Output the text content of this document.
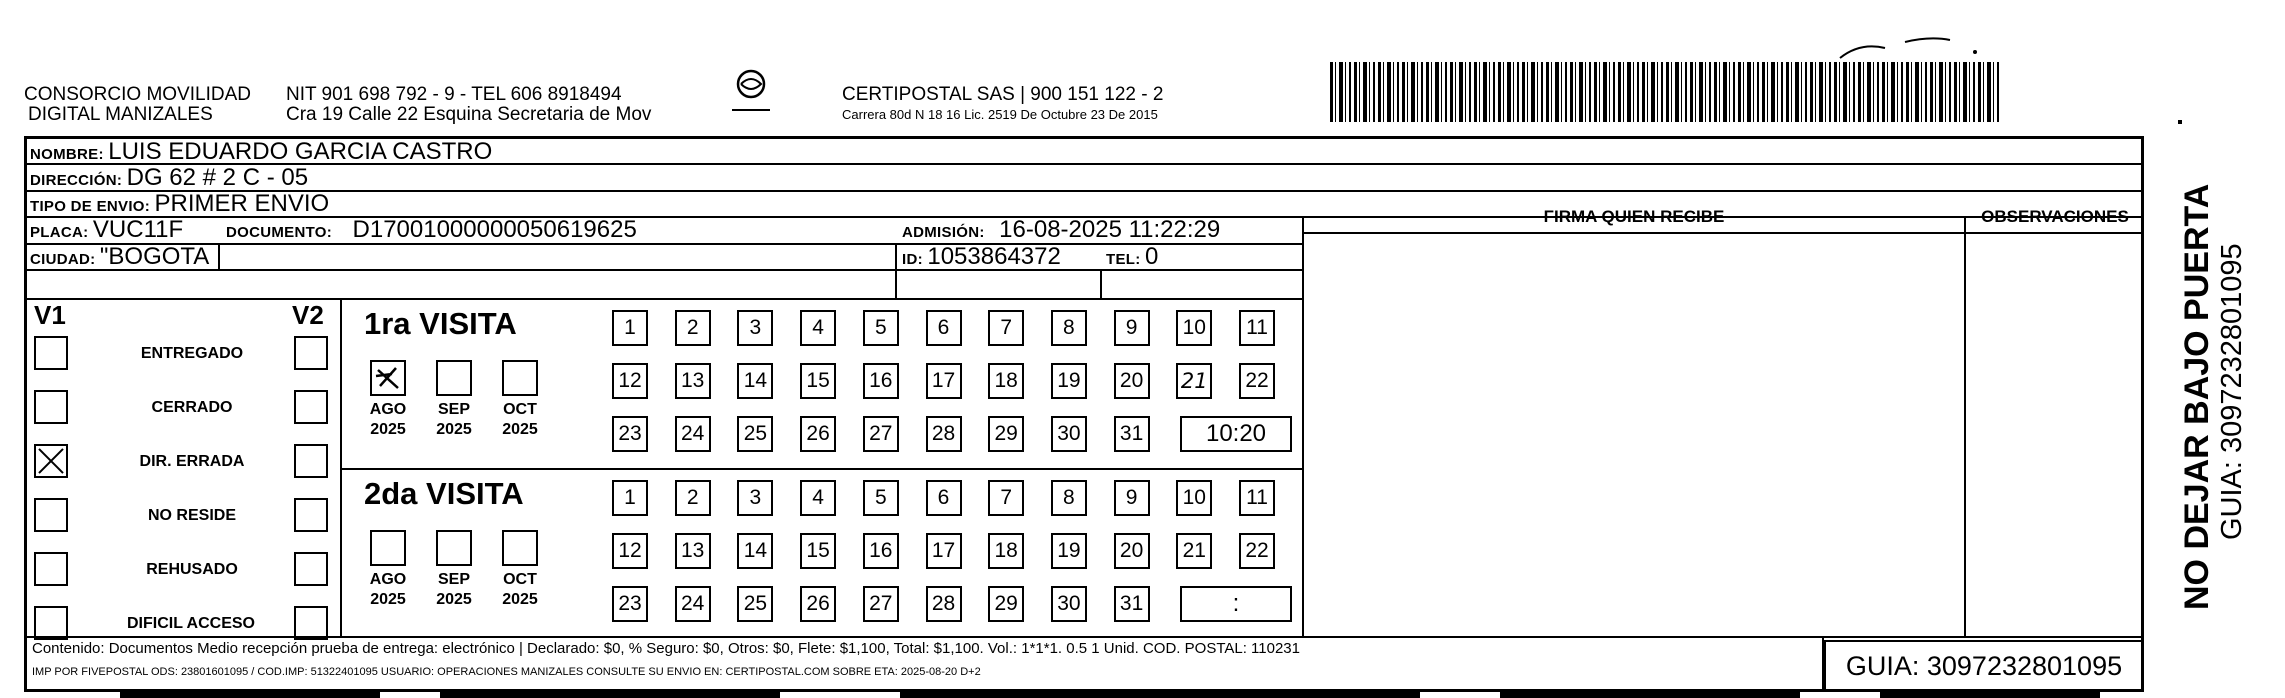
CONSORCIO MOVILIDAD
DIGITAL MANIZALES
NIT 901 698 792 - 9 - TEL 606 8918494
Cra 19 Calle 22 Esquina Secretaria de Mov
CERTIPOSTAL SAS | 900 151 122 - 2
Carrera 80d N 18 16 Lic. 2519 De Octubre 23 De 2015
NOMBRE: LUIS EDUARDO GARCIA CASTRO
DIRECCIÓN: DG 62 # 2 C - 05
TIPO DE ENVIO: PRIMER ENVIO	FIRMA QUIEN RECIBE	OBSERVACIONES
PLACA: VUC11F	DOCUMENTO: D17001000000050619625	ADMISIÓN: 16-08-2025 11:22:29
CIUDAD: "BOGOTA	ID: 1053864372	TEL: 0
V1	V2
ENTREGADO
CERRADO
DIR. ERRADA
NO RESIDE
REHUSADO
DIFICIL ACCESO
1ra VISITA
2da VISITA
AGO
2025
SEP
2025
OCT
2025
1	2	3	4	5	6	7	8	9	10	11
12	13	14	15	16	17	18	19	20	21	22
23	24	25	26	27	28	29	30	31	10:20
AGO
2025
SEP
2025
OCT
2025
1	2	3	4	5	6	7	8	9	10	11
12	13	14	15	16	17	18	19	20	21	22
23	24	25	26	27	28	29	30	31	:
Contenido: Documentos Medio recepción prueba de entrega: electrónico | Declarado: $0, % Seguro: $0, Otros: $0, Flete: $1,100, Total: $1,100. Vol.: 1*1*1. 0.5 1 Unid. COD. POSTAL: 110231
IMP POR FIVEPOSTAL ODS: 23801601095 / COD.IMP: 51322401095 USUARIO: OPERACIONES MANIZALES CONSULTE SU ENVIO EN: CERTIPOSTAL.COM SOBRE ETA: 2025-08-20 D+2	GUIA: 3097232801095
NO DEJAR BAJO PUERTA GUIA: 3097232801095
